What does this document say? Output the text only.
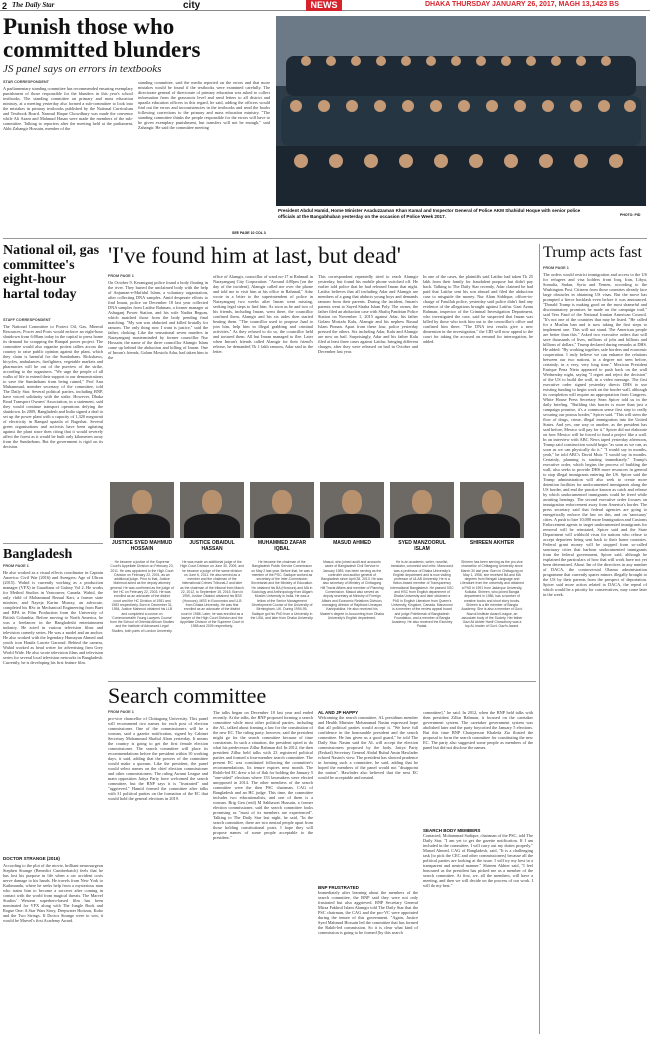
2 The Daily Star	city	NEWS	DHAKA THURSDAY JANUARY 26, 2017, MAGH 13,1423 BS
Punish those who committed blunders
JS panel says on errors in textbooks
STAR CORRESPONDENT
A parliamentary standing committee has recommended ensuring exemplary punishment of those responsible for the blunders in this year's school textbooks. The standing committee on primary and mass education ministry, at a meeting yesterday also formed a sub-committee to look into the mistakes in primary textbooks published by the National Curriculum and Textbook Board. Nazmul Haque Chowdhury was made the convenor while Ali Azam and Mahmud Hasan were made the members of the sub-committee. Talking to reporters after the meeting held at the parliament, Akhi Zahangir Hossain, member of the
standing committee, said the media reported on the errors and that more mistakes would be found if the textbooks were examined carefully. The directorate general of directorate of primary education was asked to collect information from the grassroots level and send letters to all district and upazila education officers in this regard, he said, adding the officers would find out the errors and inconsistencies in the textbooks and send the books following corrections to the primary and mass education ministry. "The standing committee thinks the people responsible for the errors will have to be given exemplary punishment, but transfers will not be enough," said Zahangir. He said the committee meeting
SEE PAGE 10 COL 3
President Abdul Hamid, Home Minister Asaduzzaman Khan Kamal and Inspector General of Police AKM Shahidul Hoque with senior police officials at the Bangabhaban yesterday on the occasion of Police Week 2017.	PHOTO: PID
National oil, gas committee's eight-hour hartal today
STAFF CORRESPONDENT
The National Committee to Protect Oil, Gas, Mineral Resources, Power and Ports would enforce an eight-hour shutdown from 6:00am today in the capital to press home its demand for scrapping the Rampal power project. The committee would also organise protest rallies across the country to raise public opinion against the plant, which they claim is harmful for the Sundarbans. Rickshaws, bicycles, ambulances, firefighters, vegetable markets and pharmacies will be out of the purview of the strike, according to the organisers. "We urge the people of all walks of life to extend their support to our demonstrations to save the Sundarbans from being ruined," Prof Anu Muhammad, member secretary of the committee, told The Daily Star. Several political parties, including BNP, have voiced solidarity with the strike. However, Dhaka Road Transport Owners' Association, in a statement, said they would continue transport operations defying the shutdown. In 2009, Bangladesh and India signed a deal to set up the power plant with a capacity of 1,320 megawatt of electricity in Rampal upazila of Bagerhat. Several green organisations and activists have been agitating against the plant since then citing that it would severely affect the forest as it would be built only kilometres away from the Sundarbans. But the government is rigid on its decision.
Bangladesh
FROM PAGE 1
He also worked as a visual effects coordinator in Captain America: Civil War (2016) and Avengers: Age of Ultron (2015). Wahid is currently working as a production manager (VFX) in Guardians of Galaxy Vol 2. He works for Method Studios in Vancouver, Canada. Wahid, the only child of Mohammad Rezaul Kari, a former state minister, and Nayeja Karim Murray, an advocate, completed his BSc in Mechanical Engineering from Buet and BFA in Film Production from the University of British Columbia. Before moving to North America, he was a freelancer in the Bangladeshi entertainment industry. He acted in various television films and television comedy series. He was a model and an anchor. He also worked with the legendary Humayun Ahmed and youth icon Hanifa Lawrie Garroud. Behind the camera, Wahid worked as head writer for advertising firm Grey World Wide. He also wrote television films and television series for several local television networks in Bangladesh. Currently, he is developing his first feature film.
DOCTOR STRANGE (2016)
According to the plot of the movie, brilliant neurosurgeon Stephen Strange (Benedict Cumberbatch) feels that he has lost his purpose in life when a car accident costs nerve damage to his hands. He travels from New York to Kathmandu, where he seeks help from a mysterious man who trains him to become a sorcerer after coming in contact with the world from magical threats. The Marvel Studios' Western superhero-based film has been nominated for VFX along with The Jungle Book and Rogue One: A Star Wars Story, Deepwater Horizon, Kubo and the Two Strings. If Doctor Strange were to win, it would be Marvel's first Academy Award.
'I've found him at last, but dead'
FROM PAGE 1
On October 9, Keraniganj police found a body floating in the river. They buried the unclaimed body with the help of Anjuman-e-Mufidul Islam, a voluntary organisation, after collecting DNA samples. Amid desperate efforts to find Imran, police on December 18 last year collected DNA samples from Latifur Rahman, a former manager at Ashuganj Power Station, and his wife Nadira Begum, which matched those from the body pending final matching. "My son was abducted and killed brutally for ransom. The only thing now I want is justice," said the father, choking. Like the sensational seven murders in Narayanganj masterminded by former councillor Nur Hossain, the name of the three councillor Alamgir Islam came up behind the abduction and killing of Imran. One of Imran's friends, Golam Mostofa Adar, had taken him to the
office of Alamgir, councillor of ward no-17 at Rahmatl in Narayanganj City Corporation. "Around 4:00pm [on the day of the incident], Alamgir called me over the phone and told me to visit him at his office in Rahmatl," Adar wrote in a letter to the superintendent of police in Narayanganj two weeks after Imran went missing, seeking legal steps to find him. As soon as he and two of his friends, including Imran, went there, the councillor confined them, Alamgir and his six aides then started beating them. "The councillor used to propose Jaad to join him, help him in illegal grabbing and criminal activities." As they refused to do so, the councillor held and tortured them. All but Imran managed to flee. Later when Imran's friends called Alamgir for their friend's release, he demanded Tk 1 lakh ransom, Adar said in the letter.
This correspondent repeatedly tried to reach Alamgir yesterday, but found his mobile phone switched off. He earlier told police that he had released Imran that night. Latifur believes that all including Adar and Alamgir are members of a gang that abducts young boys and demands ransom from their parents. During the incident, Imran's parents went to Sayed Siraba Islam Poly. The owner, the father filed an abduction case with Shafiq Pandrian Police Station on November 1, 2015 against Adar, his father Golam Mostafa Kalu, Alamgir and his nephew Rasaul Islam Pinnan. Apart from these four, police yesterday pressed the others. Six including Adar, Kalu and Alamgir are now on bail. Surprisingly, Adar and his father Kalu filed at least three cases against Latifur, bringing different charges, after they were released on bail in October and December last year.
In one of the cases, the plaintiffs said Latifur had taken Tk 25 lakh from their family for fraudulent purpose but didn't pay back. Talking to The Daily Star recently, Adar claimed he had paid that Latifur sent his son abroad and filed the abduction case to misguide the money. Nur Alam Siddique, officer-in-charge of Fatullah police, yesterday said police didn't find any evidence of the allegations brought against Latifur. Gazi Azam Rahman, inspector of the Criminal Investigation Department, who investigated the case, said he suspected that Imran was killed by those who took him out to the councillor's office and confined him there. "The DNA test results give a new dimension in the investigation," the CID will now appeal to the court for taking the accused on remand for interrogation, he added.
JUSTICE SYED MAHMUD HOSSAIN
He became a justice of the Supreme Court's Appellate Division on February 23, 2011. He was appointed to the High Court Division on February 22, 2001, as an additional judge. Prior to that, Justice Mahmud acted as the deputy attorney general. He was confirmed as the judge of the HC on February 22, 2003. He was enrolled as an advocate of the district court and the HC Division of 1981 and 1983 respectively. Born in December 31, 1954, Justice Mahmud obtained his LLB and completed a course on 'Commonwealth Young Lawyers Course' from the School of Oriental African Studies and the Institute of Advanced Legal Studies, both parts of London University.
JUSTICE OBAIDUL HASSAN
He was made an additional judge of the High Court Division on June 30, 2009, and he became a judge of the same division on June 6, 2011. He also served as a member and the chairman of the International Crimes Tribunal-2 and later as the chairman of the tribunal from March 22, 2012, to September 15, 2015. Born in 1959, Justice Obaidul obtained his BSS (Honours), MSS in Economics and LLB from Dhaka University. He was first enrolled as an advocate of the district court in 1986. Later, he was enrolled as a lawyer of the High Court Division and the Appellate Division of the Supreme Court in 1988 and 2005 respectively.
MUHAMMED ZAFAR IQBAL
He became the chairman of the Bangladesh Public Service Commission on May 2 last year. Before that, he was a member of the PSC. Sadique worked as secretary of the Inter-Commission Secretariat and the Ministry of Education. He obtained his BA (Honours) and MA in Sociology and Anthropology from Aligarh Muslim University in India. He was a fellow of the Senior Management Development Course of the University of Birmingham, UK. During 1994-95, Sadique got his PhD from a University in the USA, and later from Dhaka University.
MASUD AHMED
Masud, who joined audit and accounts cadre of Bangladesh Civil Service in January 1985, has been serving as the controller and auditor general of Bangladesh since April 28, 2013. He was also secretary of Ministry of Chittagong Hill Tracts Affairs and member of Planning Commission. Masud also served as deputy secretary at Ministry of Foreign Affairs and Economic Relations Division, managing director of Rajdhani Unnayan Kartripakkha. He also received his Master's degree in Accounting from Dhaka University's English department.
SYED MANZOORUL ISLAM
He is an academic, writer, novelist, translator, columnist and critic. Manzoorul was a professor of Dhaka University's English department and is now visiting professor of ULAB University. He is a fiction-based member of Transparency International Bangladesh. He passed SSC and HSC from English department of Dhaka University and later obtained a PhD in English Literature from Queen's University, Kingston, Canada. Manzoorul is a member of the review appeal board and judge Pointbreak of Bangladesh Foundation, and a member of Bangla Academy. He also received the Ekushey Padak.
SHIREEN AKHTER
Shireen has been serving as the pro-vice chancellor of Chittagong University since March 30 last year. Born in Chittagong on May 1, 1956, she received BA and MA degrees from Bengali Language and Literature from the university and obtained a PhD in 1991 from Jadavpur University, Kolkata. Shireen, who joined Bangla department in 1986, has a number of creative books and short story books. Shireen is a life member of Bangla Academy. She is also a member of Govt. Nazrul Institute Award League, an associate body of the Society. Her father Gazi Ali Akhter Hanif Chowdhury was a top AL leader of Govt. Gazi's Award.
Search committee
FROM PAGE 1
pro-vice chancellor of Chittagong University. This panel will recommend two names for each post of election commissioner. One of the commissioners will be a woman, said a gazette notification, signed by Cabinet Secretary Mohammad Shafiul Alam yesterday. It means the country is going to get the first female election commissioner. The search committee will place its recommendations before the president within 10 working days, it said, adding that the powers of the committee would make a quorum. Like the president, the panel would select names on the chief election commissioner and other commissioners. The ruling Awami League and main opposition Jatiya Party have welcomed the search committee, but the BNP says it is "frustrated" and "aggrieved." Hamid formed the committee after talks with 31 political parties on the formation of the EC that would hold the general elections in 2019.
The talks began on December 18 last year and ended recently. At the talks, the BNP proposed forming a search committee while most other political parties, including the AL, talked about framing a law for the constitution of the new EC. The ruling party, however, said the president might go for the search committee because of time constraints. In such a situation, the president opted to do what his predecessor Zillur Rahman did. In 2012, the then president Zillur held talks with 23 registered political parties and formed a four-member search committee. The present EC was constituted following the committee's recommendations. Its tenure expires next month. The Rokib-led EC drew a lot of flak for holding the January 5 "one-sided" elections where 153 lawmakers were elected unopposed in 2014. The other members of the search committee were the then PSC chairman, CAG of Bangladesh and an HC judge. This time, the committee includes two educationalists, and one of them is a woman. Brig Gen (retd) M Sakhawat Hussain, a former election commissioner, said the search committee looks promising as "most of its members are experienced". Talking to The Daily Star last night, he said, "In the search committee, there are two neutral people apart from those holding constitutional posts. I hope they will propose names of some people acceptable to the president."
AL AND JP HAPPY
Welcoming the search committee, AL presidium member and Health Minister Mohammad Nasim expressed hope that all political parties would accept it. "We have full confidence in the honourable president and the search committee. He has given us a good guard," he told The Daily Star. Nasim said the AL will accept the election commissioners proposed by the body. Jatiya Party (Ershad) Secretary General Abdul Ruhul Amin Hawlader echoed Nasim's view. The president has showed prudence in forming such a committee, he said, adding that he hoped the members of the panel would not "disappoint the nation". Hawlader also believed that the next EC would be acceptable and neutral.
BNP FRUSTRATED
Immediately after learning about the members of the search committee, the BNP said they were not only frustrated but also aggrieved. BNP Secretary General Mirza Fakhrul Islam Alamgir told The Daily Star that the PSC chairman, the CAG and the pro-VC were appointed during the tenure of this government. "Again, Justice Syed Mahmud Hossain led the committee that has formed the Rakib-led commission. So it is clear what kind of commission is going to be formed [by this search
committee]," he said. In 2012, when the BNP held talks with then president Zillur Rahman, it focused on the caretaker government system. The caretaker government system was abolished later and the party boycotted the January 5 elections. But this time BNP Chairperson Khaleda Zia floated the proposal to form the search committee for constituting the new EC. The party also suggested some people as members of the panel but did not disclose the names.
SEARCH BODY MEMBERS
Contacted, Mohammad Sadique, chairman of the PSC, told The Daily Star, "I am yet to get the gazette notification. If I am included in the committee, I will carry out my duties properly." Masud Ahmed, CAG of Bangladesh, said, "It is a challenging task [to pick the CEC and other commissioners] because all the political parties are looking at the issue. I will try my best in a transparent and neutral manner." Shireen Akhter said, "I feel honoured as the president has picked me as a member of the search committee. At first, we, all the members, will have a meeting, and then we will decide on the process of our work. I will do my best."
Trump acts fast
FROM PAGE 1
The orders would restrict immigration and access to the US for refugees and visa holders from Iraq, Iran, Libya, Somalia, Sudan, Syria and Yemen, according to the Washington Post. Citizens from those countries already face large obstacles in obtaining US visas. But the move has prompted a fierce backlash even before it was announced. "Donald Trump is making good on the most shameful and discriminatory promises he made on the campaign trail," said Tess Fand of the National Iranian American Council. "It's not one of the countries that may be listed. "He called for a Muslim ban and is now taking the first steps to implement one. This will not stand. The American people are better than this." Asked two executive orders that will save thousands of lives, millions of jobs and billions and billions of dollars," Trump declared during remarks at DHS. He added: "By working together, safe borders and economic cooperation. I truly believe we can enhance the relations between our two nations, to a degree not seen before, certainly, in a very, very long time." Mexican President Enrique Pena Nieto appeared to push back on the wall Wednesday night, saying "I regret and reject the decision" of the US to build the wall, in a video message. The first executive order signed yesterday directs DHS to use existing funding to begin work on the border wall, although its completion will require an appropriation from Congress. White House Press Secretary Sean Spicer told us in the daily briefing. "Building this barrier is more than just a campaign promise, it's a common sense first step to really securing our porous border," Spicer said. "This will stem the flow of drugs, crime, illegal immigration into the United States. And yes, one way or another, as the president has said before, Mexico will pay for it." Spicer did not elaborate on how Mexico will be forced to fund a project like a wall. In an interview with ABC News taped yesterday afternoon, Trump said construction would begin "as soon as we can, as soon as we can physically do it." "I would say in months, yeah," he told ABC's David Muir. "I would say in months. Certainly, planning is starting immediately." Trump's executive order, which begins the process of building the wall, also seeks to provide DHS more resources in general to stop illegal immigrants entering the US. Spicer said the Trump administration will also seek to create more detention facilities for undocumented immigrants along the US border, and end the practice known as catch and release by which undocumented immigrants could be freed while awaiting hearings. The second executive order focuses on immigration enforcement away from America's border. The press secretary said that federal agencies are going to energetically enforce the law on this, and on 'sanctuary' cities. A push to hire 10,000 more Immigration and Customs Enforcement agents to target undocumented immigrants for removal will be reinstated, Spicer said and the State Department will withhold visas for nations who refuse to accept deportees being sent back to their home countries. Federal grant money will be stopped from so-called sanctuary cities that harbour undocumented immigrants from the federal government, Spicer said, although he explained the particulars of how that will work have not yet been determined. About 3m of the directives in any number of DACA, the controversial Obama administration programme that currently spares minors illegally brought to the US by their parents from the prospect of deportation. Spicer said more action related to DACA, the repeal of which would be a priority for conservatives, may come later in the week.
